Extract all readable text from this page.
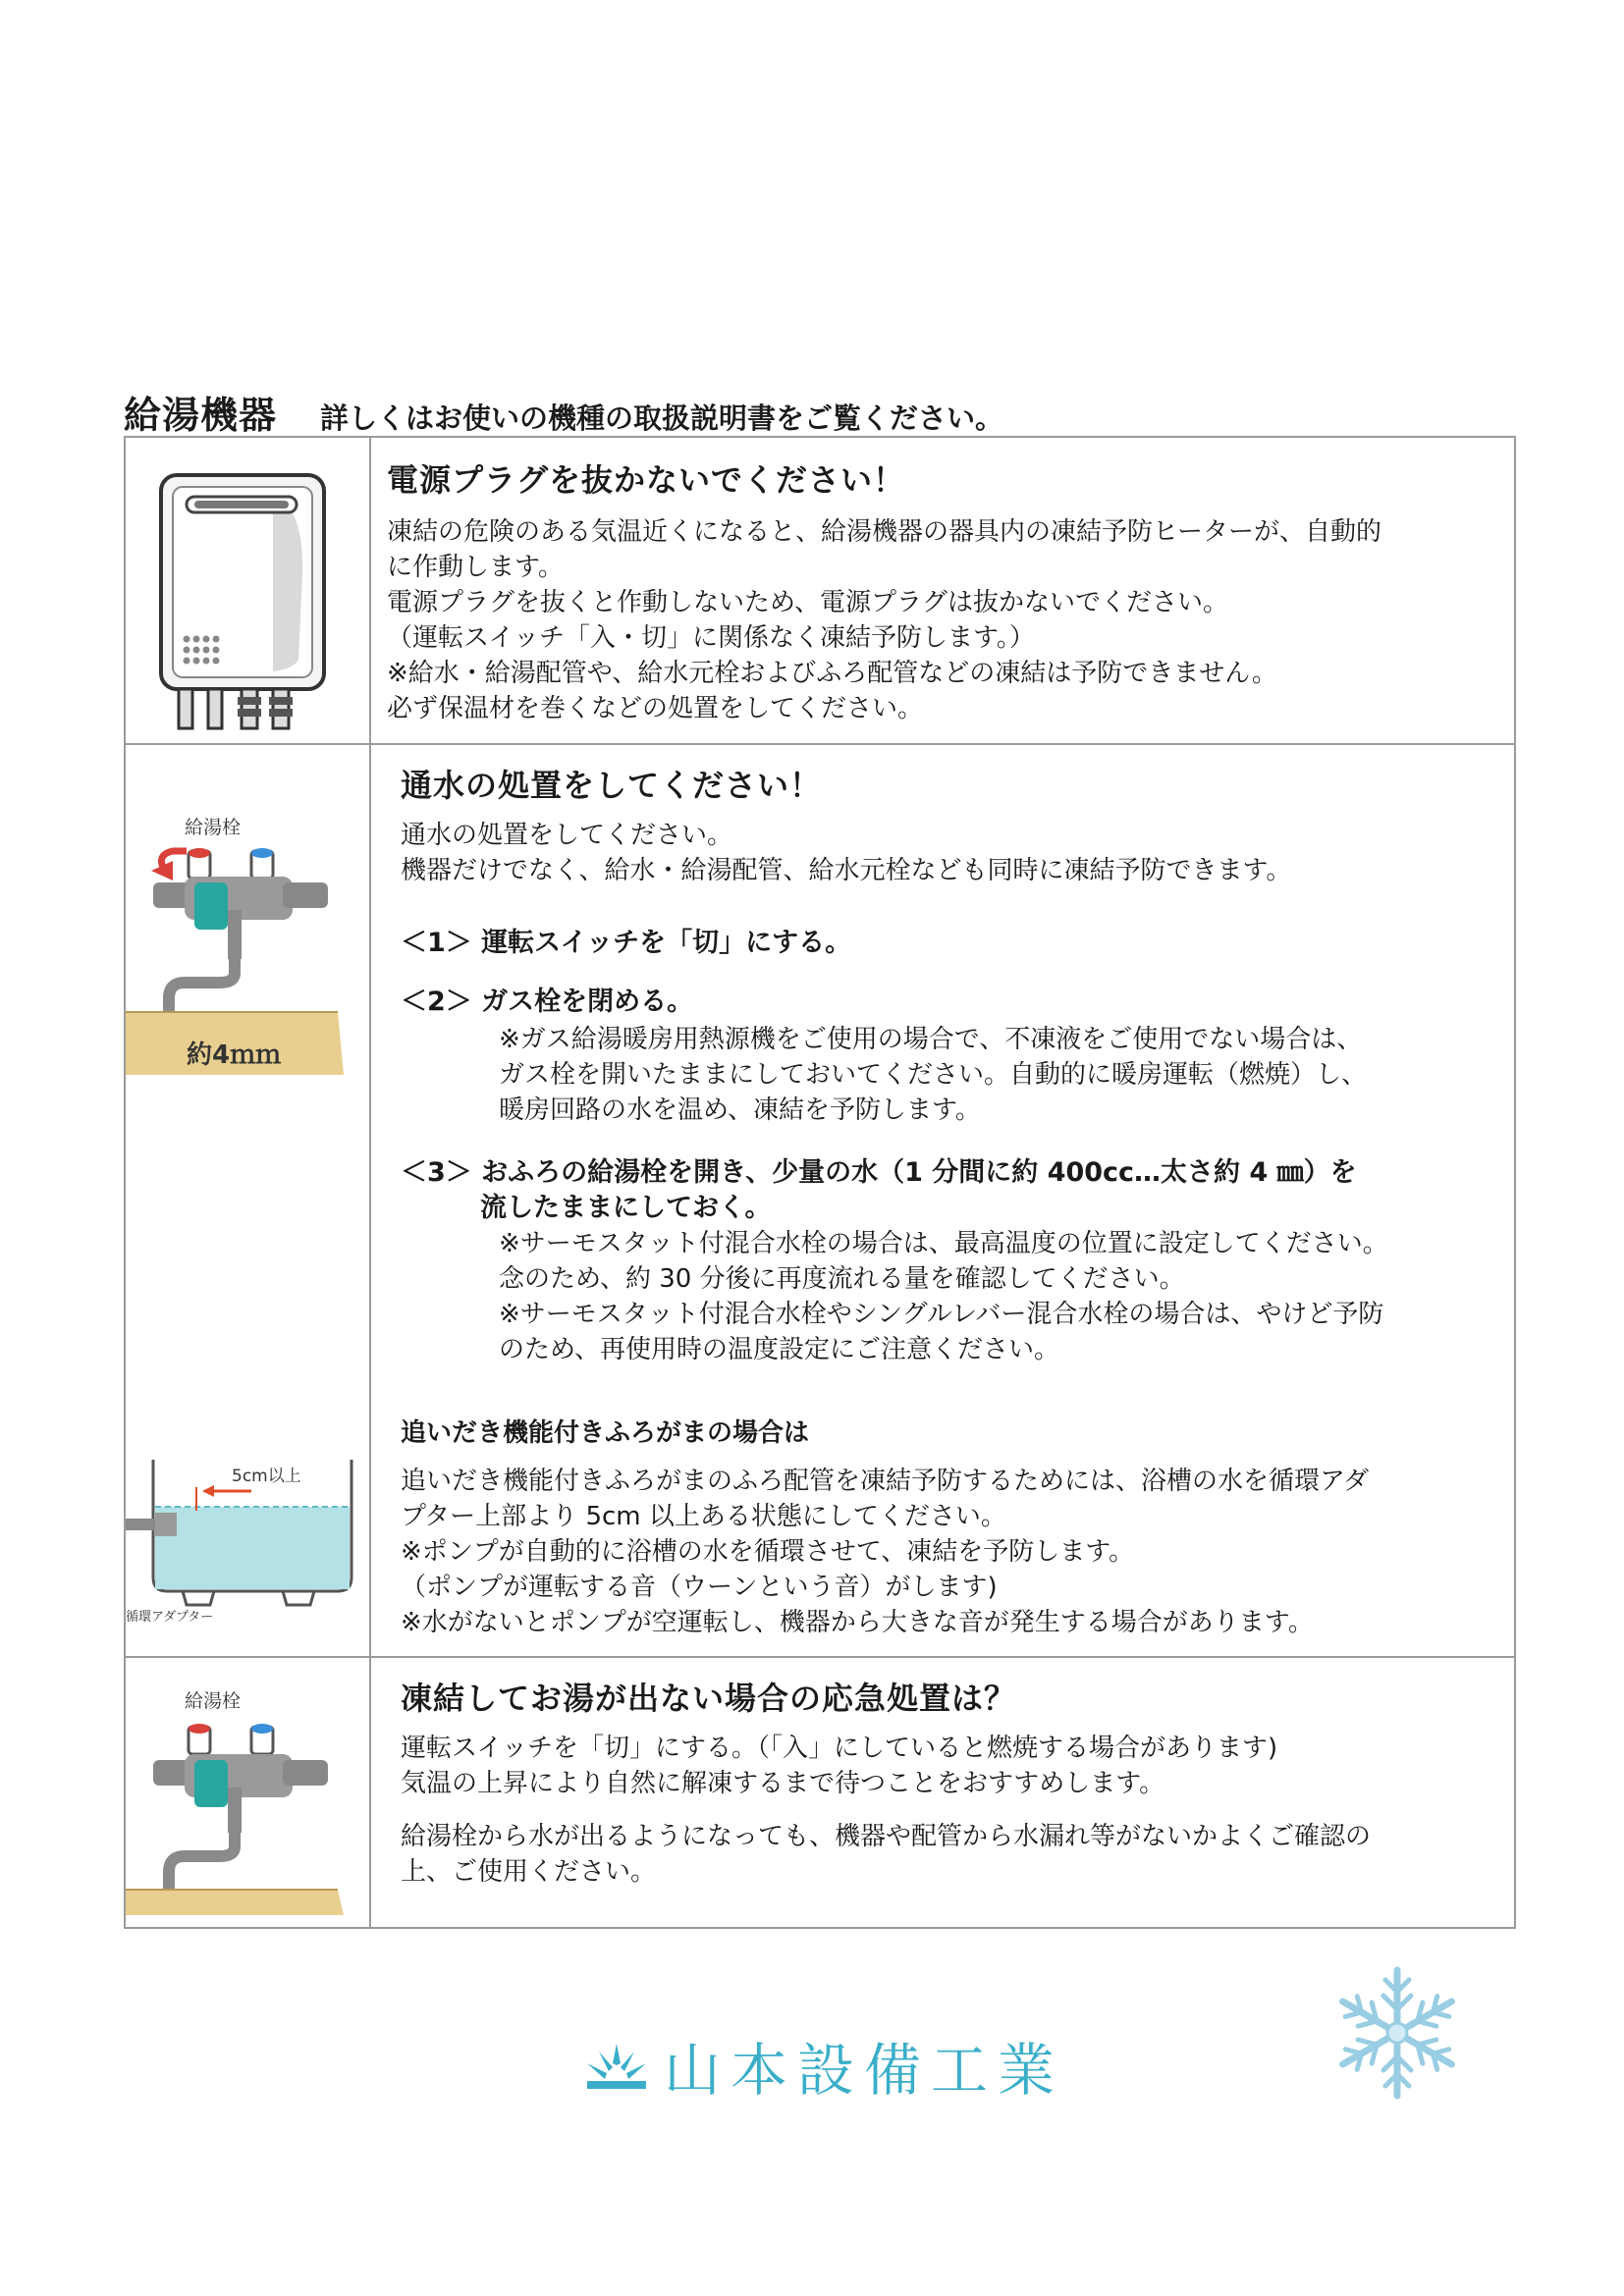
給湯機器 詳しくはお使いの機種の取扱説明書をご覧ください。
電源プラグを抜かないでください！
凍結の危険のある気温近くになると、給湯機器の器具内の凍結予防ヒーターが、自動的
に作動します。
電源プラグを抜くと作動しないため、電源プラグは抜かないでください。
（運転スイッチ「入・切」に関係なく凍結予防します。）
※給水・給湯配管や、給水元栓およびふろ配管などの凍結は予防できません。
必ず保温材を巻くなどの処置をしてください。
給湯栓
約4ｍｍ
5cm以上
循環アダプター
通水の処置をしてください！
通水の処置をしてください。
機器だけでなく、給水・給湯配管、給水元栓なども同時に凍結予防できます。
＜1＞ 運転スイッチを「切」にする。
＜2＞ ガス栓を閉める。
※ガス給湯暖房用熱源機をご使用の場合で、不凍液をご使用でない場合は、
ガス栓を開いたままにしておいてください。自動的に暖房運転（燃焼）し、
暖房回路の水を温め、凍結を予防します。
＜3＞ おふろの給湯栓を開き、少量の水（1 分間に約 400cc…太さ約 4 ㎜）を
　　　流したままにしておく。
※サーモスタット付混合水栓の場合は、最高温度の位置に設定してください。
念のため、約 30 分後に再度流れる量を確認してください。
※サーモスタット付混合水栓やシングルレバー混合水栓の場合は、やけど予防
のため、再使用時の温度設定にご注意ください。
追いだき機能付きふろがまの場合は
追いだき機能付きふろがまのふろ配管を凍結予防するためには、浴槽の水を循環アダ
プター上部より 5cm 以上ある状態にしてください。
※ポンプが自動的に浴槽の水を循環させて、凍結を予防します。
（ポンプが運転する音（ウーンという音）がします)
※水がないとポンプが空運転し、機器から大きな音が発生する場合があります。
給湯栓	凍結してお湯が出ない場合の応急処置は？
運転スイッチを「切」にする。（「入」にしていると燃焼する場合があります)
気温の上昇により自然に解凍するまで待つことをおすすめします。
給湯栓から水が出るようになっても、機器や配管から水漏れ等がないかよくご確認の
上、ご使用ください。
山本設備工業
